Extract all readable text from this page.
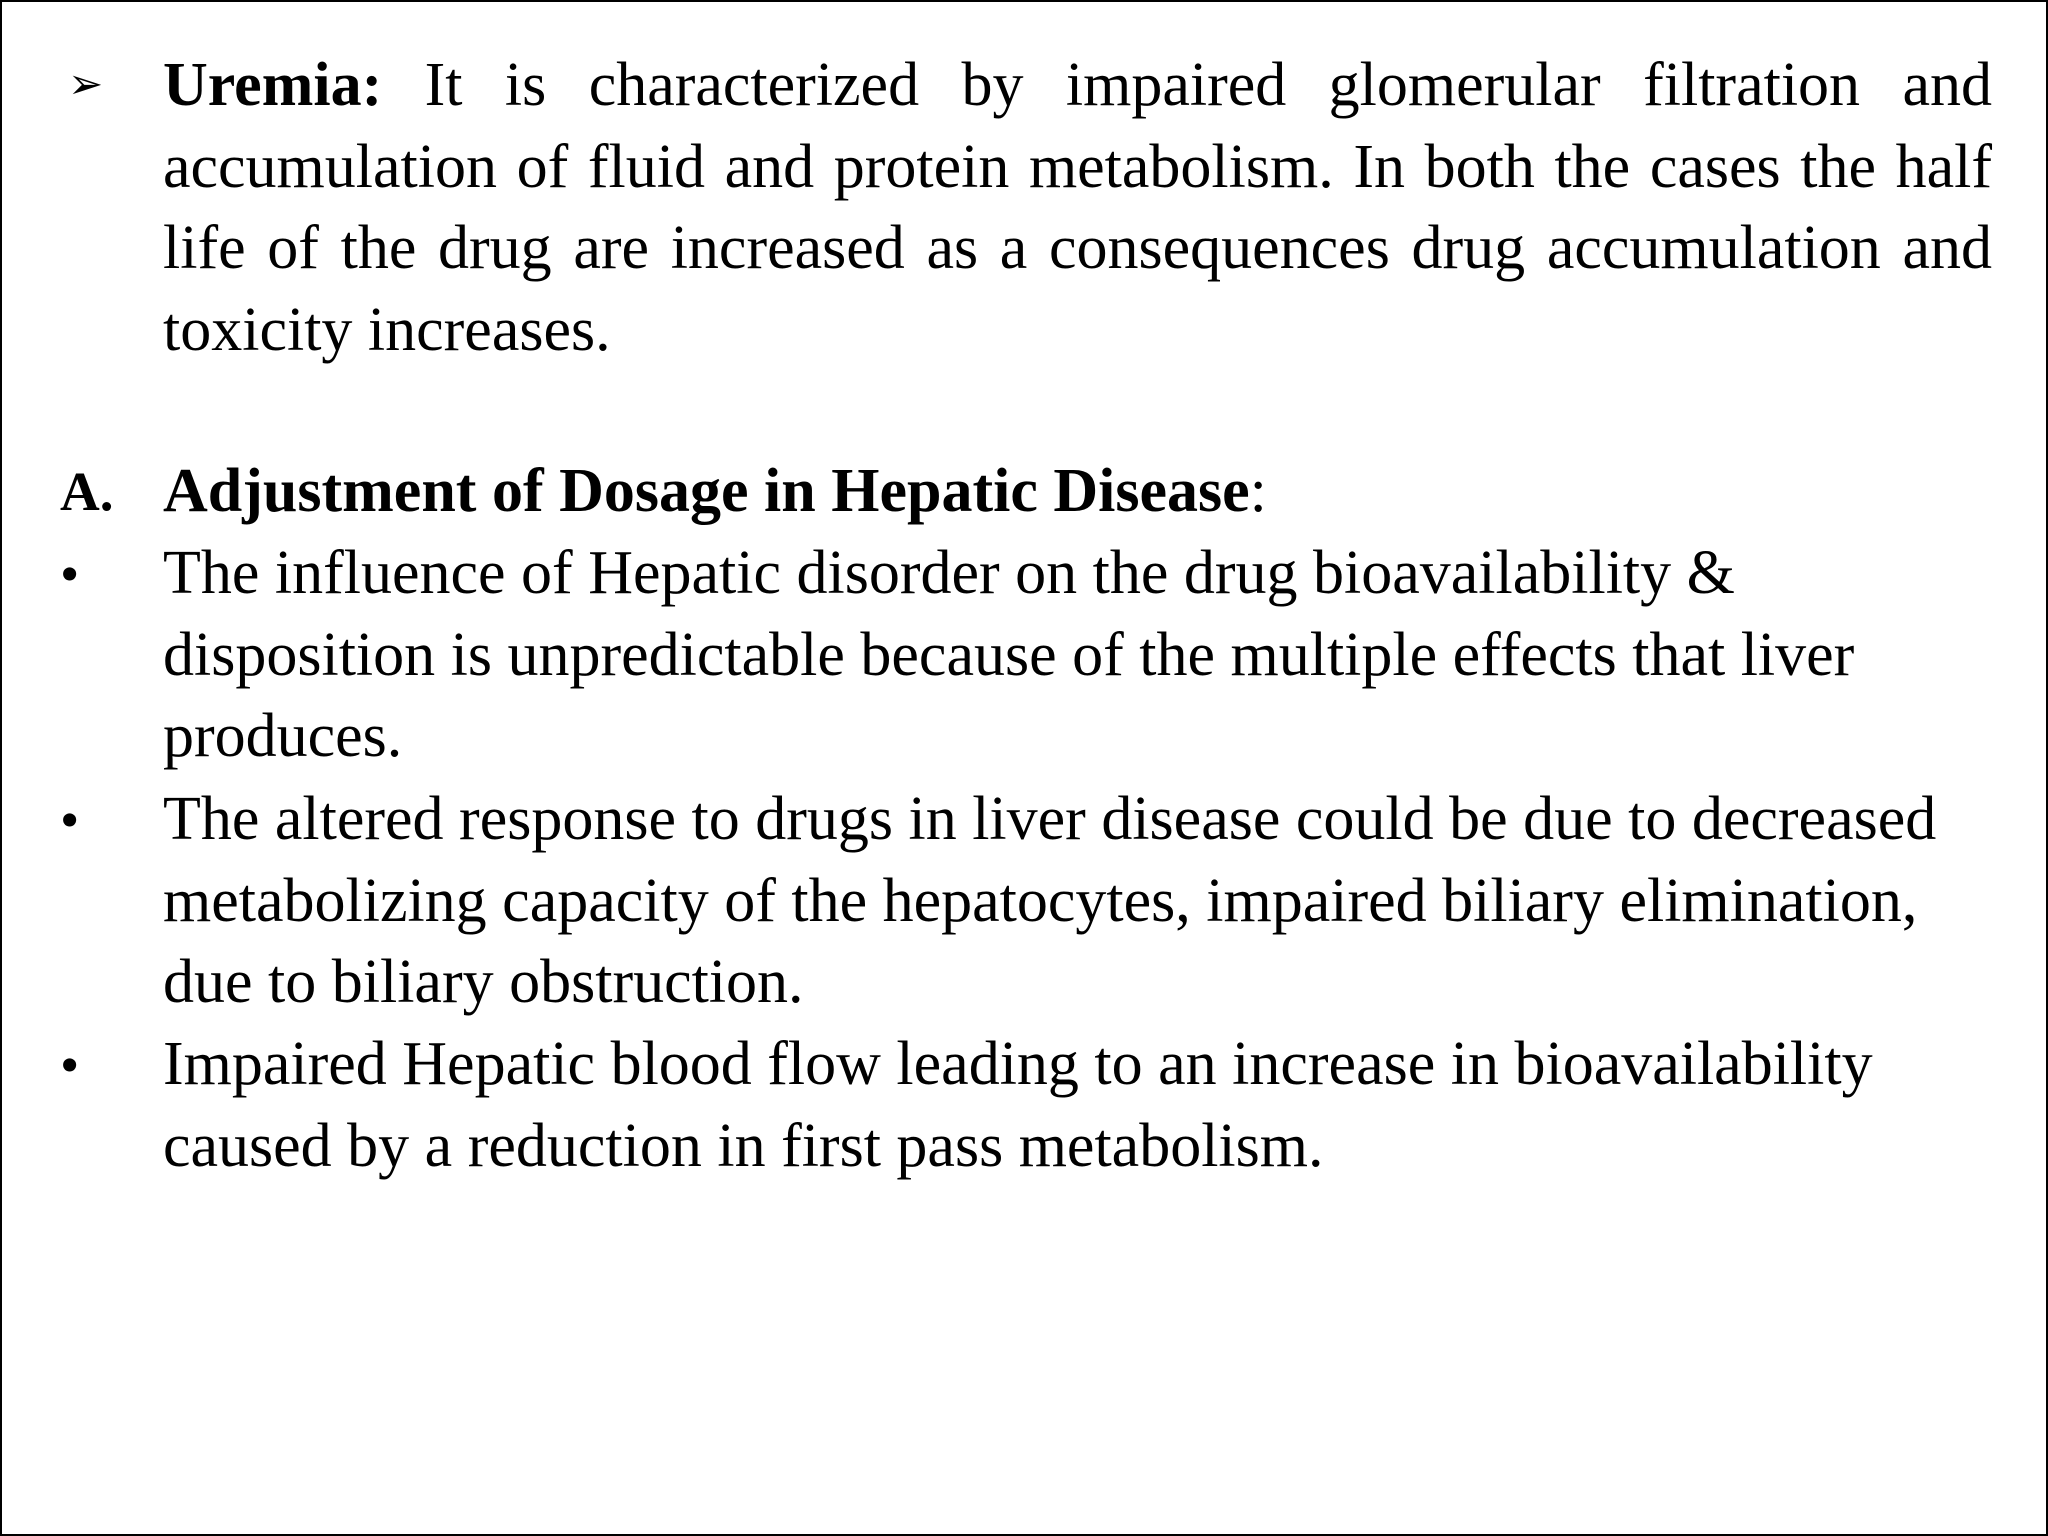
➢ Uremia: It is characterized by impaired glomerular filtration and accumulation of fluid and protein metabolism. In both the cases the half life of the drug are increased as a consequences drug accumulation and toxicity increases.
A. Adjustment of Dosage in Hepatic Disease:
• The influence of Hepatic disorder on the drug bioavailability & disposition is unpredictable because of the multiple effects that liver produces.
• The altered response to drugs in liver disease could be due to decreased metabolizing capacity of the hepatocytes, impaired biliary elimination, due to biliary obstruction.
• Impaired Hepatic blood flow leading to an increase in bioavailability caused by a reduction in first pass metabolism.
